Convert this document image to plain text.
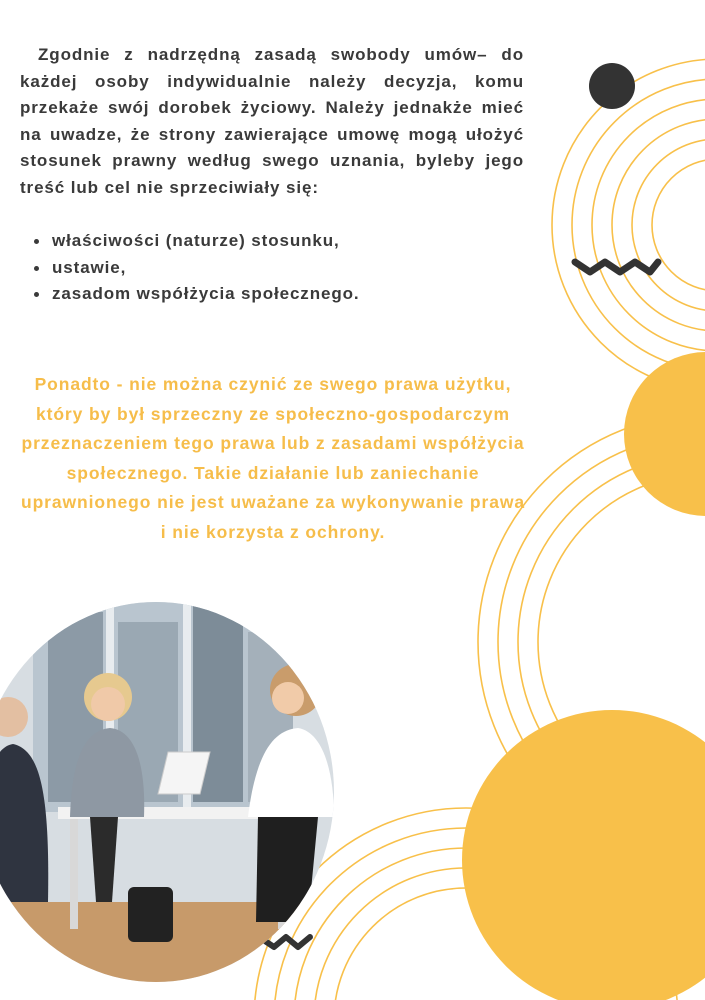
Zgodnie z nadrzędną zasadą swobody umów– do każdej osoby indywidualnie należy decyzja, komu przekaże swój dorobek życiowy. Należy jednakże mieć na uwadze, że strony zawierające umowę mogą ułożyć stosunek prawny według swego uznania, byleby jego treść lub cel nie sprzeciwiały się:

właściwości (naturze) stosunku,
ustawie,
zasadom współżycia społecznego.

Ponadto - nie można czynić ze swego prawa użytku, który by był sprzeczny ze społeczno-gospodarczym przeznaczeniem tego prawa lub z zasadami współżycia społecznego. Takie działanie lub zaniechanie uprawnionego nie jest uważane za wykonywanie prawa i nie korzysta z ochrony.
